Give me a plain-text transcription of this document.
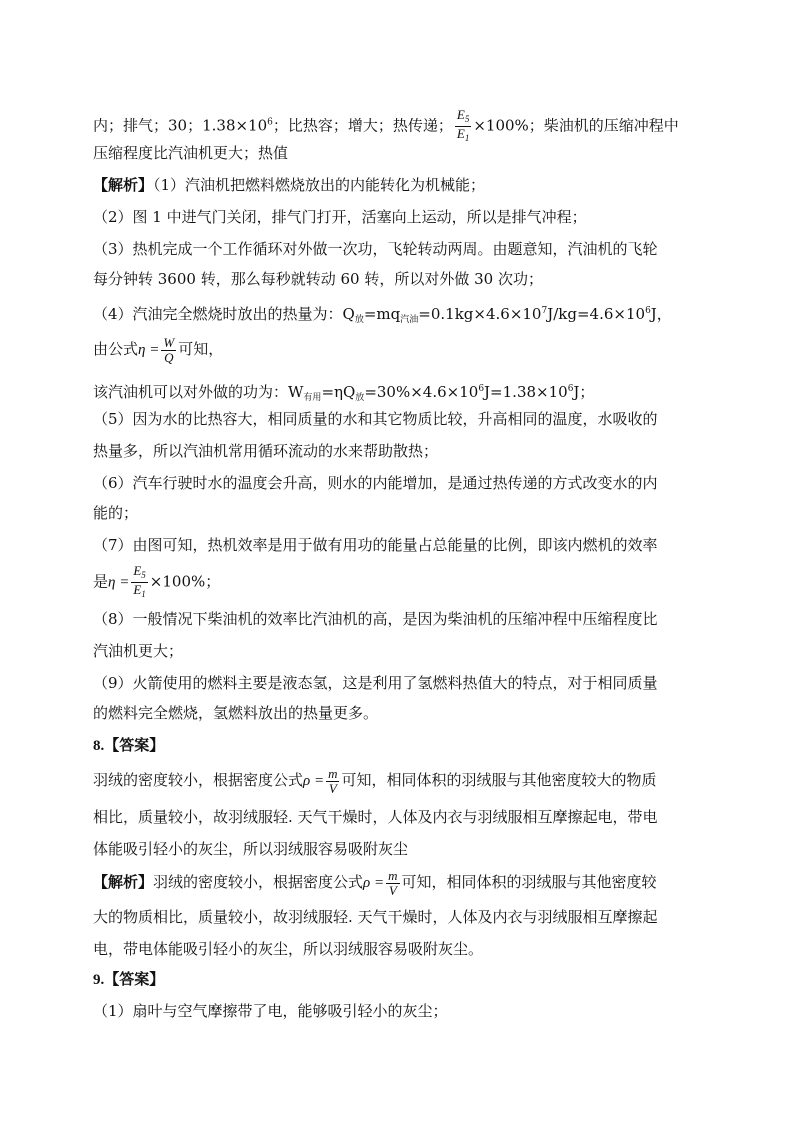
内；排气；30；$1.38\times 10^6$；比热容；增大；热传递； $\frac{E_5}{E_1} \times 100\%$；柴油机的压缩冲程中
压缩程度比汽油机更大；热值
【解析】（1）汽油机把燃料燃烧放出的内能转化为机械能；
（2）图 1 中进气门关闭，排气门打开，活塞向上运动，所以是排气冲程；
（3）热机完成一个工作循环对外做一次功，飞轮转动两周。由题意知，汽油机的飞轮
每分钟转 3600 转，那么每秒就转动 60 转，所以对外做 30 次功；
（4）汽油完全燃烧时放出的热量为：$Q_放=mq_{汽油}=0.1kg\times 4.6\times 10^7J/kg=4.6\times 10^6J$，
由公式$\eta = \frac{W}{Q}$ 可知，
该汽油机可以对外做的功为：$W_{有用}=\eta Q_放=30\%\times 4.6\times 10^6J=1.38\times 10^6J$；
（5）因为水的比热容大，相同质量的水和其它物质比较，升高相同的温度，水吸收的
热量多，所以汽油机常用循环流动的水来帮助散热；
（6）汽车行驶时水的温度会升高，则水的内能增加，是通过热传递的方式改变水的内
能的；
（7）由图可知，热机效率是用于做有用功的能量占总能量的比例，即该内燃机的效率
是$\eta = \frac{E_5}{E_1} \times 100\%$；
（8）一般情况下柴油机的效率比汽油机的高，是因为柴油机的压缩冲程中压缩程度比
汽油机更大；
（9）火箭使用的燃料主要是液态氢，这是利用了氢燃料热值大的特点，对于相同质量
的燃料完全燃烧，氢燃料放出的热量更多。
8.【答案】
羽绒的密度较小，根据密度公式$\rho = \frac{m}{V}$ 可知，相同体积的羽绒服与其他密度较大的物质
相比，质量较小，故羽绒服轻. 天气干燥时，人体及内衣与羽绒服相互摩擦起电，带电
体能吸引轻小的灰尘，所以羽绒服容易吸附灰尘
【解析】羽绒的密度较小，根据密度公式$\rho = \frac{m}{V}$ 可知，相同体积的羽绒服与其他密度较
大的物质相比，质量较小，故羽绒服轻. 天气干燥时，人体及内衣与羽绒服相互摩擦起
电，带电体能吸引轻小的灰尘，所以羽绒服容易吸附灰尘。
9.【答案】
（1）扇叶与空气摩擦带了电，能够吸引轻小的灰尘；
